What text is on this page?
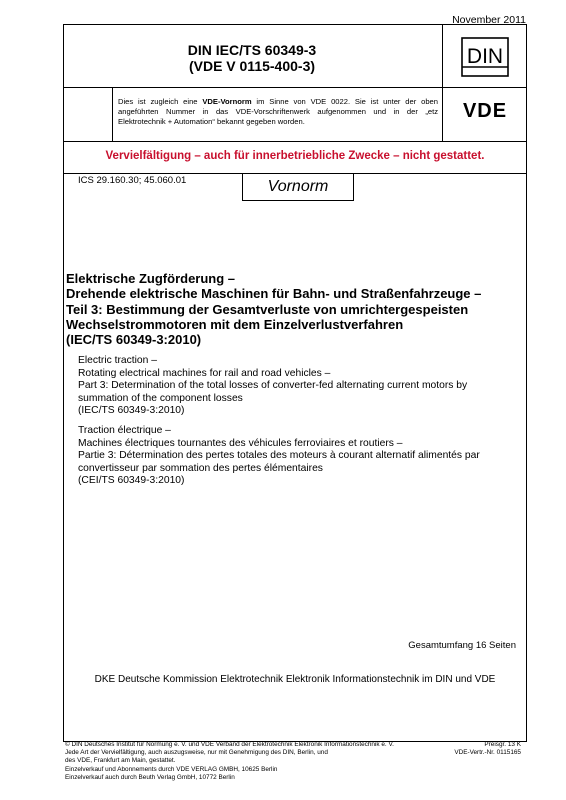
November 2011
DIN IEC/TS 60349-3
(VDE V 0115-400-3)	DIN
Dies ist zugleich eine VDE-Vornorm im Sinne von VDE 0022. Sie ist unter der oben angeführten Nummer in das VDE-Vorschriftenwerk aufgenommen und in der „etz Elektrotechnik + Automation“ bekannt gegeben worden.	VDE
Vervielfältigung – auch für innerbetriebliche Zwecke – nicht gestattet.
ICS 29.160.30; 45.060.01	Vornorm
Elektrische Zugförderung –
Drehende elektrische Maschinen für Bahn- und Straßenfahrzeuge –
Teil 3: Bestimmung der Gesamtverluste von umrichtergespeisten
Wechselstrommotoren mit dem Einzelverlustverfahren
(IEC/TS 60349-3:2010)
Electric traction –
Rotating electrical machines for rail and road vehicles –
Part 3: Determination of the total losses of converter-fed alternating current motors by
summation of the component losses
(IEC/TS 60349-3:2010)
Traction électrique –
Machines électriques tournantes des véhicules ferroviaires et routiers –
Partie 3: Détermination des pertes totales des moteurs à courant alternatif alimentés par
convertisseur par sommation des pertes élémentaires
(CEI/TS 60349-3:2010)
Gesamtumfang 16 Seiten
DKE Deutsche Kommission Elektrotechnik Elektronik Informationstechnik im DIN und VDE
© DIN Deutsches Institut für Normung e. V. und VDE Verband der Elektrotechnik Elektronik Informationstechnik e. V.
Jede Art der Vervielfältigung, auch auszugsweise, nur mit Genehmigung des DIN, Berlin, und
des VDE, Frankfurt am Main, gestattet.
Einzelverkauf und Abonnements durch VDE VERLAG GMBH, 10625 Berlin
Einzelverkauf auch durch Beuth Verlag GmbH, 10772 Berlin
Preisgr. 13 K
VDE-Vertr.-Nr. 0115165
